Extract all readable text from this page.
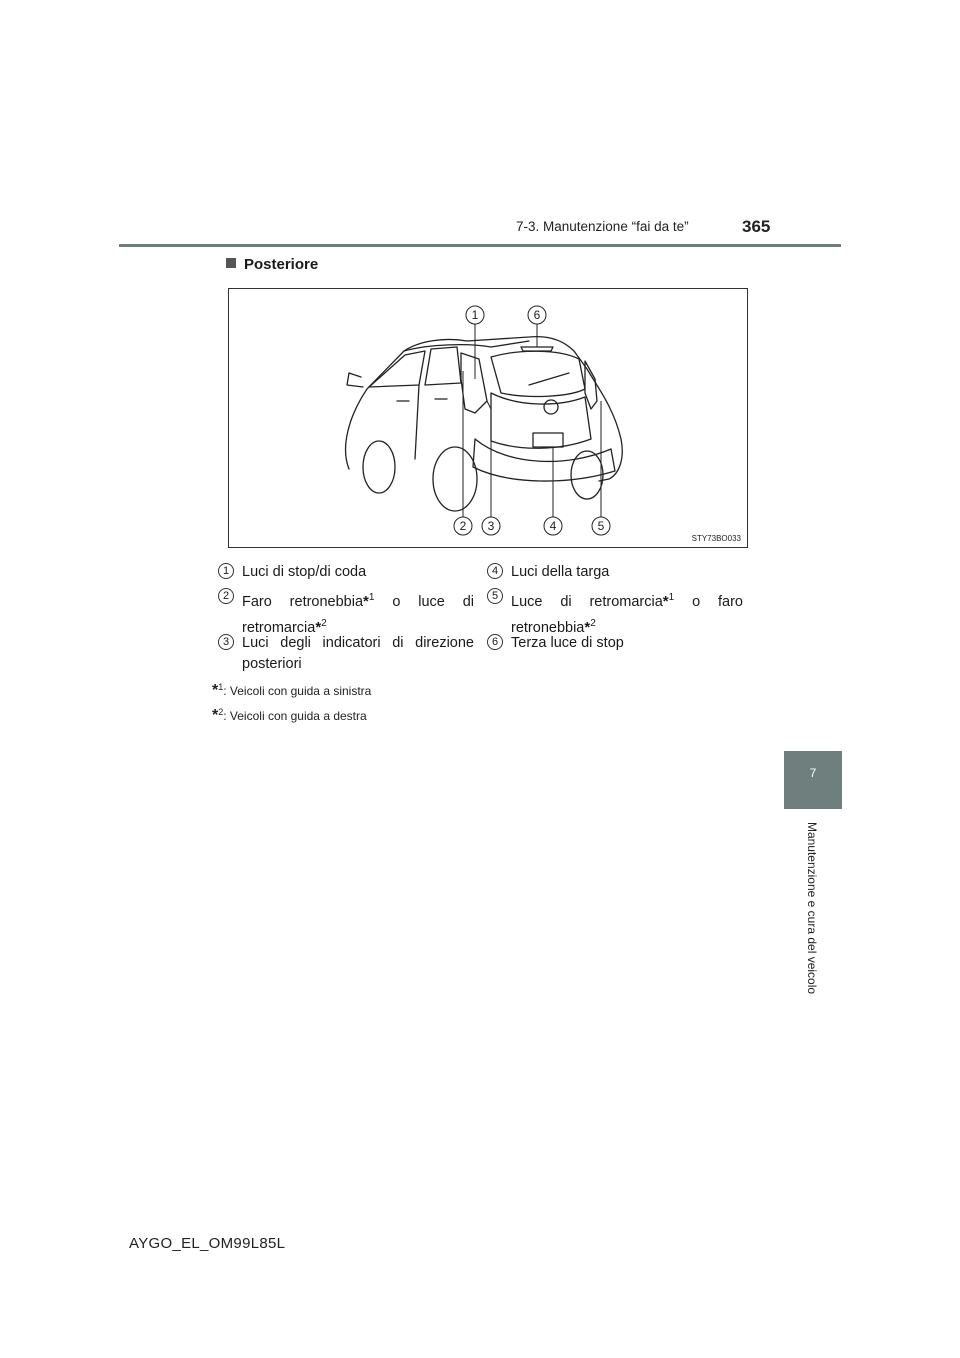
7-3. Manutenzione “fai da te”	365
7
Manutenzione e cura del veicolo
Posteriore
1	6
2 3	4	5
STY73BO033
1 Luci di stop/di coda
2 Faro retronebbia*$^1$ o luce di retromarcia*$^2$
3 Luci degli indicatori di direzione posteriori
4 Luci della targa
5 Luce di retromarcia*$^1$ o faro retronebbia*$^2$
6 Terza luce di stop
*$^1$: Veicoli con guida a sinistra
*$^2$: Veicoli con guida a destra
AYGO_EL_OM99L85L
